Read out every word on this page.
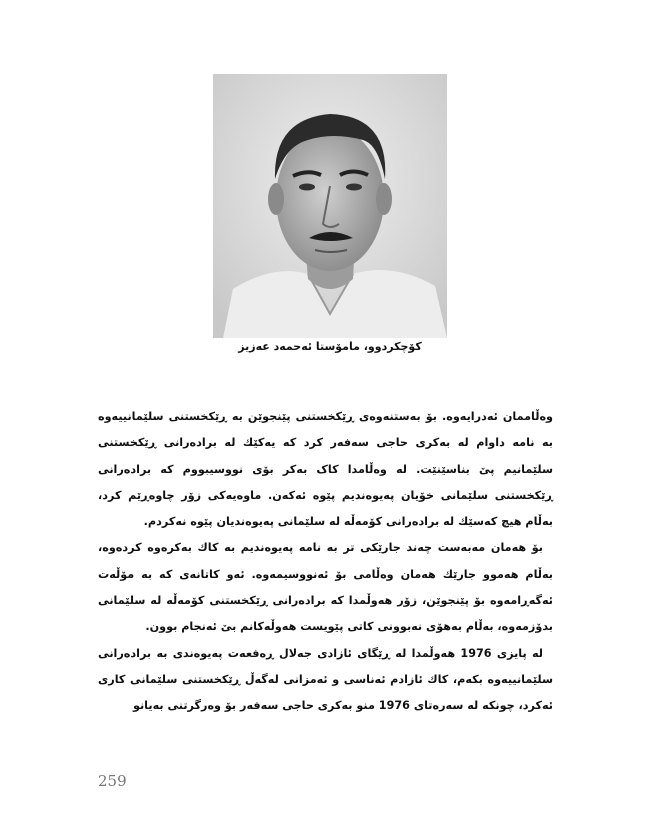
کۆچکردوو، مامۆستا ئەحمەد عەزیز

وەڵاممان ئەدرایەوە. بۆ بەستنەوەی ڕێکخستنی پێنجوێن بە ڕێکخستنی سلێمانییەوە بە نامە داوام لە بەکری حاجی سەفەر کرد کە یەکێك لە برادەرانی ڕێکخستنی سلێمانیم پێ بناسێنێت. لە وەڵامدا کاک بەکر بۆی نووسیبووم کە برادەرانی ڕێکخستنی سلێمانی خۆیان پەیوەندیم پێوە ئەکەن. ماوەیەکی زۆر چاوەڕێم کرد، بەڵام هیچ کەسێك لە برادەرانی کۆمەڵە لە سلێمانی پەیوەندیان پێوە نەکردم.

بۆ هەمان مەبەست چەند جارێکی تر بە نامە پەیوەندیم بە کاك بەکرەوە کردەوە، بەڵام هەموو جارێك هەمان وەڵامی بۆ ئەنووسیمەوە. ئەو کاتانەی کە بە مۆڵەت ئەگەڕامەوە بۆ پێنجوێن، زۆر هەوڵمدا کە برادەرانی ڕێکخستنی کۆمەڵە لە سلێمانی بدۆزمەوە، بەڵام بەهۆی نەبوونی کاتی پێویست هەوڵەکانم بێ ئەنجام بوون.

لە پایزی 1976 هەوڵمدا لە ڕێگای ئازادی جەلال ڕەفعەت پەیوەندی بە برادەرانی سلێمانییەوە بکەم، کاك ئازادم ئەناسی و ئەمزانی لەگەڵ ڕێکخستنی سلێمانی کاری ئەکرد، چونکە لە سەرەتای 1976 منو بەکری حاجی سەفەر بۆ وەرگرتنی بەیانو

259
